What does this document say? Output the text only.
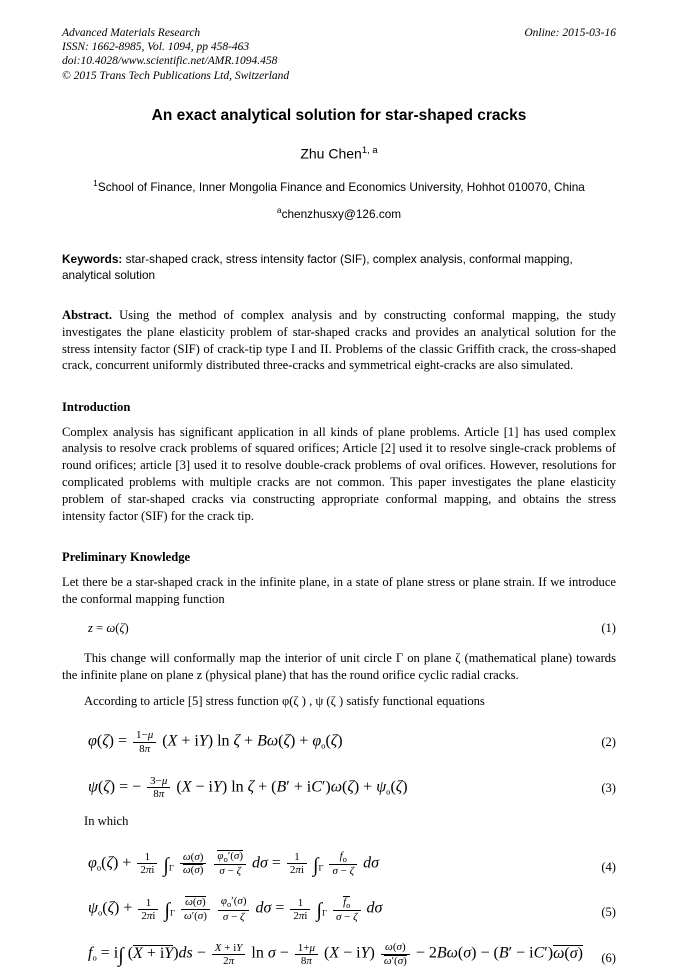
Online: 2015-03-16
Advanced Materials Research
ISSN: 1662-8985, Vol. 1094, pp 458-463
doi:10.4028/www.scientific.net/AMR.1094.458
© 2015 Trans Tech Publications Ltd, Switzerland
An exact analytical solution for star-shaped cracks
Zhu Chen$^{1, a}$
$^1$School of Finance, Inner Mongolia Finance and Economics University, Hohhot 010070, China
$^a$chenzhusxy@126.com
Keywords: star-shaped crack, stress intensity factor (SIF), complex analysis, conformal mapping, analytical solution
Abstract. Using the method of complex analysis and by constructing conformal mapping, the study investigates the plane elasticity problem of star-shaped cracks and provides an analytical solution for the stress intensity factor (SIF) of crack-tip type I and II. Problems of the classic Griffith crack, the cross-shaped crack, concurrent uniformly distributed three-cracks and symmetrical eight-cracks are also simulated.
Introduction

Complex analysis has significant application in all kinds of plane problems. Article [1] has used complex analysis to resolve crack problems of squared orifices; Article [2] used it to resolve single-crack problems of round orifices; article [3] used it to resolve double-crack problems of oval orifices. However, resolutions for complicated problems with multiple cracks are not common. This paper investigates the plane elasticity problem of star-shaped cracks via constructing appropriate conformal mapping, and obtains the stress intensity factor (SIF) for the crack tip.

Preliminary Knowledge

Let there be a star-shaped crack in the infinite plane, in a state of plane stress or plane strain. If we introduce the conformal mapping function

z = ω(ζ)	(1)

This change will conformally map the interior of unit circle Γ on plane ζ (mathematical plane) towards the infinite plane on plane z (physical plane) that has the round orifice cyclic radial cracks.

According to article [5] stress function φ(ζ ) , ψ (ζ ) satisfy functional equations

$\varphi(\zeta) = \frac{1-\mu}{8\pi} (X + iY)$ $\ln \zeta + B\omega(\zeta) + \varphi_o(\zeta)$	(2)
ψ(ζ) = − $\frac{3-\mu}{8\pi} (X - iY)$ $\ln \zeta + (B' + iC')\omega(\zeta) + \psi_o(\zeta)$	(3)

In which

$\varphi_o(\zeta) + \frac{1}{2\pi i} \int_\Gamma \frac{\omega(\sigma)}{\omega(\sigma)}$
$\frac{\varphi_o'(\sigma)}{\sigma - \zeta}$ $d\sigma = \frac{1}{2\pi i} \int_\Gamma \frac{f_o}{\sigma - \zeta}$ dσ	(4)
$\psi_o(\zeta) + \frac{1}{2\pi i} \int_\Gamma \frac{\omega(\sigma)}{\omega'(\sigma)}$
$\frac{\varphi_o'(\sigma)}{\sigma - \zeta}$ $d\sigma = \frac{1}{2\pi i} \int_\Gamma \frac{f_o}{\sigma - \zeta}$ dσ	(5)
$f_o = i\int$ $(X + iY)ds - \frac{X + iY}{2\pi}$ $\ln \sigma - \frac{1+\mu}{8\pi} (X - iY) \frac{\omega(\sigma)}{\omega'(\sigma)} - 2B\omega(\sigma) - (B' - iC')\omega(\sigma)$	(6)
